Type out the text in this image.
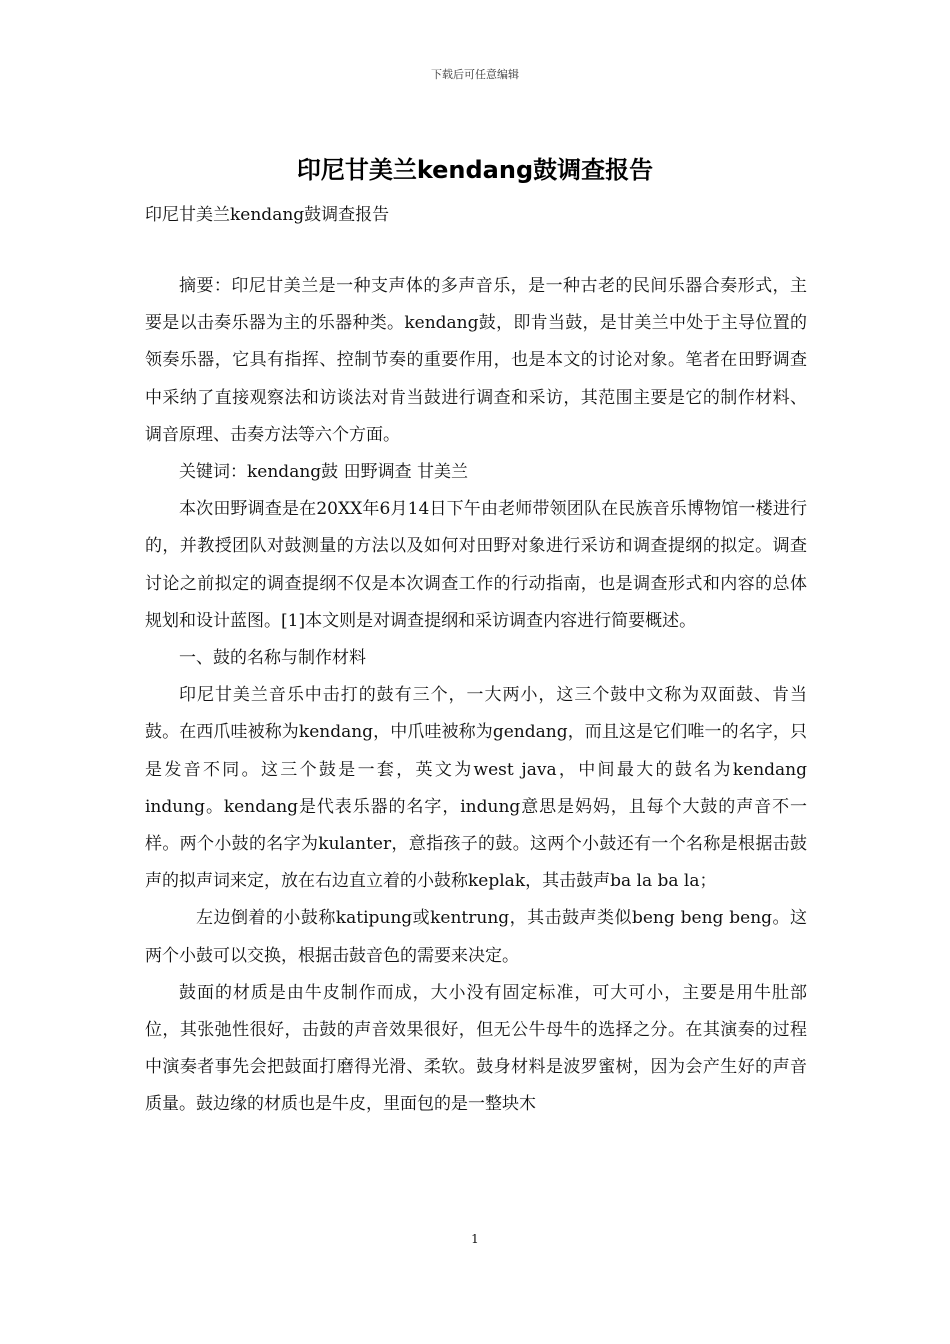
下载后可任意编辑
印尼甘美兰kendang鼓调查报告
印尼甘美兰kendang鼓调查报告

摘要：印尼甘美兰是一种支声体的多声音乐，是一种古老的民间乐器合奏形式，主要是以击奏乐器为主的乐器种类。kendang鼓，即肯当鼓，是甘美兰中处于主导位置的领奏乐器，它具有指挥、控制节奏的重要作用，也是本文的讨论对象。笔者在田野调查中采纳了直接观察法和访谈法对肯当鼓进行调查和采访，其范围主要是它的制作材料、调音原理、击奏方法等六个方面。

关键词：kendang鼓 田野调查 甘美兰

本次田野调查是在20XX年6月14日下午由老师带领团队在民族音乐博物馆一楼进行的，并教授团队对鼓测量的方法以及如何对田野对象进行采访和调查提纲的拟定。调查讨论之前拟定的调查提纲不仅是本次调查工作的行动指南，也是调查形式和内容的总体规划和设计蓝图。[1]本文则是对调查提纲和采访调查内容进行简要概述。

一、鼓的名称与制作材料

印尼甘美兰音乐中击打的鼓有三个，一大两小，这三个鼓中文称为双面鼓、肯当鼓。在西爪哇被称为kendang，中爪哇被称为gendang，而且这是它们唯一的名字，只是发音不同。这三个鼓是一套，英文为west java，中间最大的鼓名为kendang indung。kendang是代表乐器的名字，indung意思是妈妈，且每个大鼓的声音不一样。两个小鼓的名字为kulanter，意指孩子的鼓。这两个小鼓还有一个名称是根据击鼓声的拟声词来定，放在右边直立着的小鼓称keplak，其击鼓声ba la ba la；

左边倒着的小鼓称katipung或kentrung，其击鼓声类似beng beng beng。这两个小鼓可以交换，根据击鼓音色的需要来决定。

鼓面的材质是由牛皮制作而成，大小没有固定标准，可大可小，主要是用牛肚部位，其张弛性很好，击鼓的声音效果很好，但无公牛母牛的选择之分。在其演奏的过程中演奏者事先会把鼓面打磨得光滑、柔软。鼓身材料是波罗蜜树，因为会产生好的声音质量。鼓边缘的材质也是牛皮，里面包的是一整块木

1
